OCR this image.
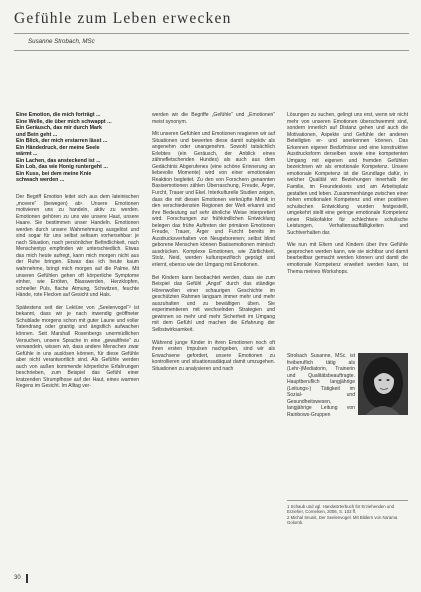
Gefühle zum Leben erwecken
Susanne Strobach, MSc
Eine Emotion, die mich forträgt ...
Eine Welle, die über mich schwappt ...
Ein Geräusch, das mir durch Mark
und Bein geht ...
Ein Blick, der mich erstarren lässt ...
Ein Händedruck, der meine Seele
wärmt ...
Ein Lachen, das ansteckend ist ...
Ein Lob, das wie Honig runtergeht ...
Ein Kuss, bei dem meine Knie
schwach werden ...

Der Begriff Emotion leitet sich aus dem lateinischen „movere“ (bewegen) ab¹. Unsere Emotionen motivieren uns zu handeln, aktiv zu werden. Emotionen gehören zu uns wie unsere Haut, unsere Haare. Sie bestimmen unser Handeln. Emotionen werden durch unsere Wahrnehmung ausgelöst und sind sogar für uns selbst seltsam vorhersehbar: je nach Situation, nach persönlicher Befindlichkeit, nach Menschentyp empfinden wir unterschiedlich. Etwas das mich heute aufregt, kann mich morgen nicht aus der Ruhe bringen. Etwas das ich heute kaum wahrnehme, bringt mich morgen auf die Palme. Mit unseren Gefühlen gehen oft körperliche Symptome einher, wie Erröten, Blasswerden, Herzklopfen, schneller Puls, flache Atmung, Schwitzen, feuchte Hände, rote Flecken auf Gesicht und Hals.

Spätestens seit der Lektüre von „Seelenvogel“² ist bekannt, dass wir je nach inwendig geöffneter Schublade morgens schon mit guter Laune und voller Tatendrang oder grantig und ängstlich aufwachen können. Seit Marshall Rosenbergs unermüdlichen Versuchen, unsere Sprache in eine „gewaltfreie“ zu verwandeln, wissen wir, dass andere Menschen zwar Gefühle in uns auslösen können, für diese Gefühle aber nicht verantwortlich sind. Als Gefühle werden auch von außen kommende körperliche Erfahrungen beschrieben, zum Beispiel das Gefühl einer kratzenden Strumpfhose auf der Haut, eines warmen Regens im Gesicht. Im Alltag ver-

werden wir die Begriffe „Gefühle“ und „Emotionen“ meist synonym.

Mit unseren Gefühlen und Emotionen reagieren wir auf Situationen und bewerten diese damit subjektiv als angenehm oder unangenehm. Sowohl tatsächlich Erlebtes (ein Geräusch, der Anblick eines zähnefletschenden Hundes) als auch aus dem Gedächtnis Abgerufenes (eine schöne Erinnerung an liebevolle Momente) wird von einer emotionalen Reaktion begleitet. Zu den von Forschern genannten Basisemotionen zählen Überraschung, Freude, Ärger, Furcht, Trauer und Ekel. Interkulturelle Studien zeigen, dass die mit diesen Emotionen verknüpfte Mimik in den verschiedensten Regionen der Welt erkannt und ihre Bedeutung auf sehr ähnliche Weise interpretiert wird. Forschungen zur frühkindlichen Entwicklung belegen das frühe Auftreten der primären Emotionen Freude, Trauer, Ärger und Furcht bereits im Ausdrucksverhalten von Neugeborenen; selbst blind geborene Menschen können Basisemotionen mimisch ausdrücken. Komplexe Emotionen, wie Zärtlichkeit, Stolz, Neid, werden kulturspezifisch geprägt und erlernt, ebenso wie der Umgang mit Emotionen.

Bei Kindern kann beobachtet werden, dass sie zum Beispiel das Gefühl „Angst“ durch das ständige Hörenwollen einer schaurigen Geschichte im geschützten Rahmen langsam immer mehr und mehr auszuhalten und zu bewältigen üben. Sie experimentieren mit wechselnden Strategien und gewinnen so mehr und mehr Sicherheit im Umgang mit dem Gefühl und machen die Erfahrung der Selbstwirksamkeit.

Während junge Kinder in ihren Emotionen noch oft ihren ersten Impulsen nachgeben, sind wir als Erwachsene gefordert, unsere Emotionen zu kontrollieren und situationsadäquat damit umzugehen. Situationen zu analysieren und nach

Lösungen zu suchen, gelingt uns erst, wenn wir nicht mehr von unseren Emotionen überschwemmt sind, sondern innerlich auf Distanz gehen und auch die Motivationen, Aspekte und Gefühle der anderen Beteiligten er- und anerkennen können. Das Erkennen eigener Bedürfnisse und eine konstruktive Ausdrucksform derselben sowie eine kompetenten Umgang mit eigenen und fremden Gefühlen bezeichnen wir als emotionale Kompetenz. Unsere emotionale Kompetenz ist die Grundlage dafür, in welcher Qualität wir Beziehungen innerhalb der Familie, im Freundeskreis und am Arbeitsplatz gestalten und leben. Zusammenhänge zwischen einer hohen emotionalen Kompetenz und einer positiven schulischen Entwicklung wurden festgestellt, umgekehrt stellt eine geringe emotionale Kompetenz einen Risikofaktor für schlechtere schulische Leistungen, Verhaltensauffälligkeiten und Suchtverhalten dar.

Wie nun mit Eltern und Kindern über ihre Gefühle gesprochen werden kann, wie sie sichtbar und damit bearbeitbar gemacht werden können und damit die emotionale Kompetenz erweitert werden kann, ist Thema meines Workshops.

Strobach Susanne, MSc. ist freiberuflich tätig als (Lehr-)Mediatorin, Trainerin und Qualitätsbeauftragte. Hauptberuflich langjährige (Leitungs-) Tätigkeit im Sozial- und Gesundheitswesen, langjährige Leitung von Rainbows-Gruppen
1 Schaub und vgl. Handwörterbuch für Erziehenden und Erzieher, Cornelsen, 2006, S. 102 ff.
2 Michal Snunit, Der Seelenvogel. Mit Bildern von Na'ama Golomb.
30
